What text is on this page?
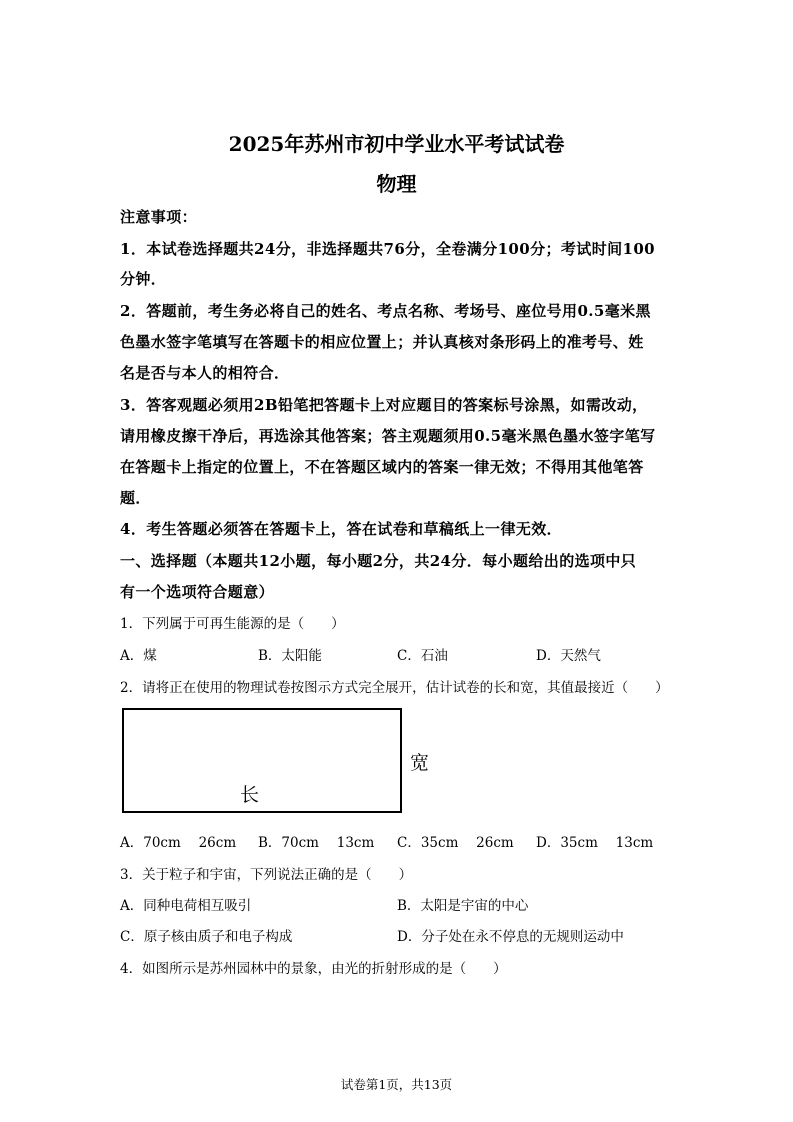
2025年苏州市初中学业水平考试试卷
物理
注意事项：
1．本试卷选择题共24分，非选择题共76分，全卷满分100分；考试时间100
分钟．
2．答题前，考生务必将自己的姓名、考点名称、考场号、座位号用0.5毫米黑
色墨水签字笔填写在答题卡的相应位置上；并认真核对条形码上的准考号、姓
名是否与本人的相符合．
3．答客观题必须用2B铅笔把答题卡上对应题目的答案标号涂黑，如需改动，
请用橡皮擦干净后，再选涂其他答案；答主观题须用0.5毫米黑色墨水签字笔写
在答题卡上指定的位置上，不在答题区域内的答案一律无效；不得用其他笔答
题．
4．考生答题必须答在答题卡上，答在试卷和草稿纸上一律无效．
一、选择题（本题共12小题，每小题2分，共24分．每小题给出的选项中只
有一个选项符合题意）
1．下列属于可再生能源的是（　　）
A．煤	B．太阳能	C．石油	D．天然气
2．请将正在使用的物理试卷按图示方式完全展开，估计试卷的长和宽，其值最接近（　　）
长
宽
A．70cm　 26cm B．70cm　 13cm C．35cm　 26cm D．35cm　 13cm
3．关于粒子和宇宙，下列说法正确的是（　　）
A．同种电荷相互吸引	B．太阳是宇宙的中心
C．原子核由质子和电子构成	D．分子处在永不停息的无规则运动中
4．如图所示是苏州园林中的景象，由光的折射形成的是（　　）
试卷第1页，共13页
